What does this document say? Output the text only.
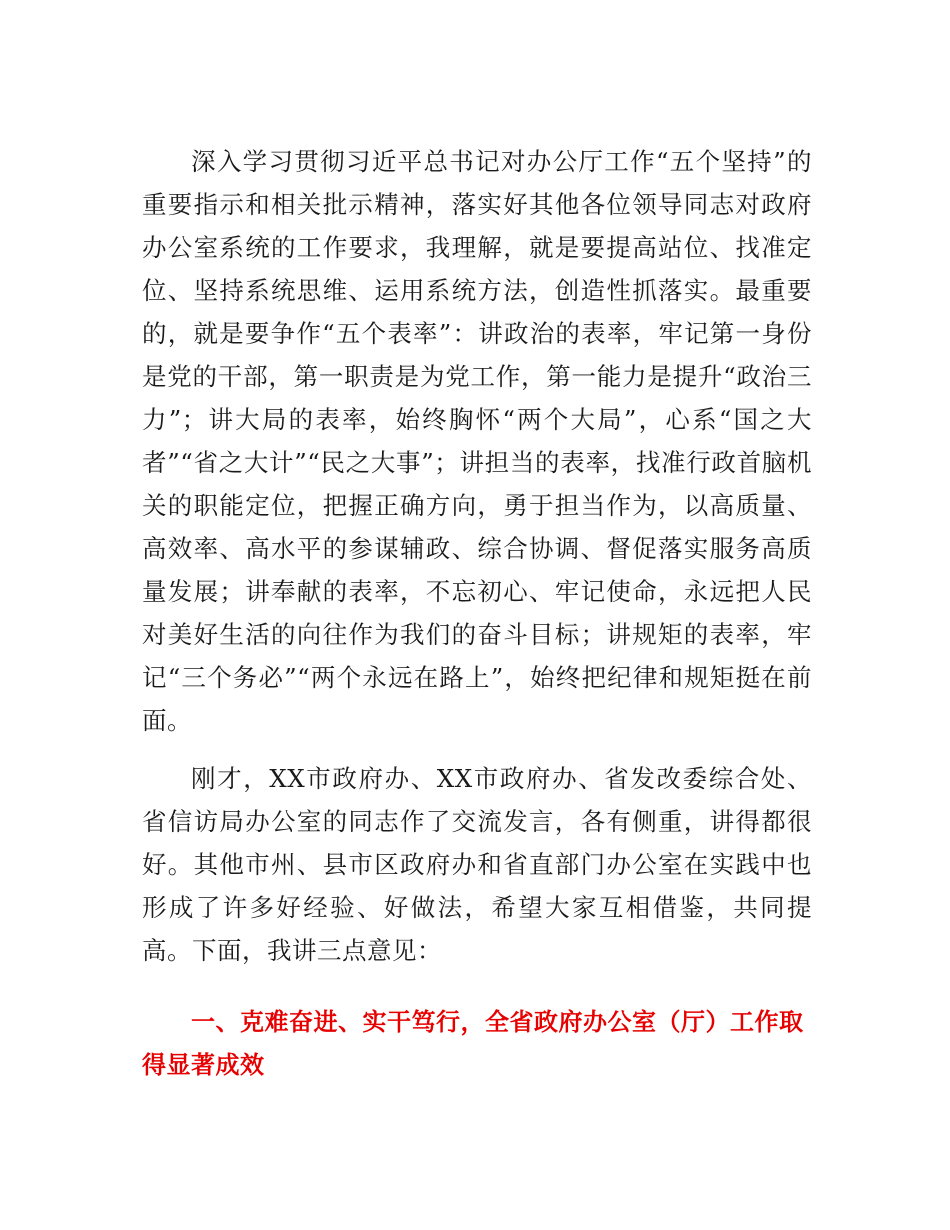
深入学习贯彻习近平总书记对办公厅工作“五个坚持”的重要指示和相关批示精神，落实好其他各位领导同志对政府办公室系统的工作要求，我理解，就是要提高站位、找准定位、坚持系统思维、运用系统方法，创造性抓落实。最重要的，就是要争作“五个表率”：讲政治的表率，牢记第一身份是党的干部，第一职责是为党工作，第一能力是提升“政治三力”；讲大局的表率，始终胸怀“两个大局”，心系“国之大者”“省之大计”“民之大事”；讲担当的表率，找准行政首脑机关的职能定位，把握正确方向，勇于担当作为，以高质量、高效率、高水平的参谋辅政、综合协调、督促落实服务高质量发展；讲奉献的表率，不忘初心、牢记使命，永远把人民对美好生活的向往作为我们的奋斗目标；讲规矩的表率，牢记“三个务必”“两个永远在路上”，始终把纪律和规矩挺在前面。

刚才，XX市政府办、XX市政府办、省发改委综合处、省信访局办公室的同志作了交流发言，各有侧重，讲得都很好。其他市州、县市区政府办和省直部门办公室在实践中也形成了许多好经验、好做法，希望大家互相借鉴，共同提高。下面，我讲三点意见：

一、克难奋进、实干笃行，全省政府办公室（厅）工作取得显著成效
